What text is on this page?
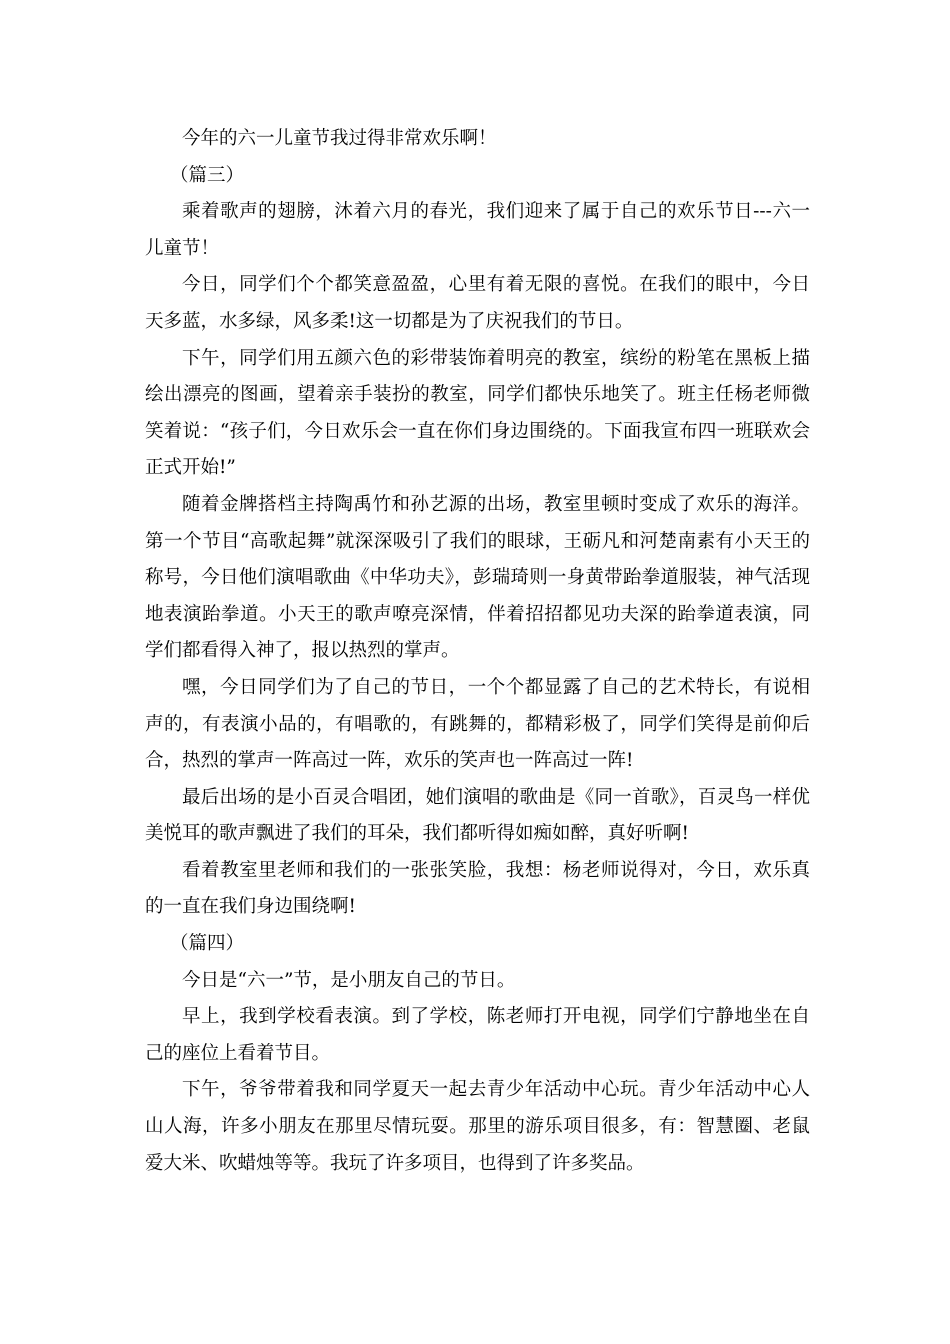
今年的六一儿童节我过得非常欢乐啊！

（篇三）

乘着歌声的翅膀，沐着六月的春光，我们迎来了属于自己的欢乐节日---六一儿童节！

今日，同学们个个都笑意盈盈，心里有着无限的喜悦。在我们的眼中，今日天多蓝，水多绿，风多柔!这一切都是为了庆祝我们的节日。

下午，同学们用五颜六色的彩带装饰着明亮的教室，缤纷的粉笔在黑板上描绘出漂亮的图画，望着亲手装扮的教室，同学们都快乐地笑了。班主任杨老师微笑着说：“孩子们，今日欢乐会一直在你们身边围绕的。下面我宣布四一班联欢会正式开始!”

随着金牌搭档主持陶禹竹和孙艺源的出场，教室里顿时变成了欢乐的海洋。第一个节目“高歌起舞”就深深吸引了我们的眼球，王砺凡和河楚南素有小天王的称号，今日他们演唱歌曲《中华功夫》，彭瑞琦则一身黄带跆拳道服装，神气活现地表演跆拳道。小天王的歌声嘹亮深情，伴着招招都见功夫深的跆拳道表演，同学们都看得入神了，报以热烈的掌声。

嘿，今日同学们为了自己的节日，一个个都显露了自己的艺术特长，有说相声的，有表演小品的，有唱歌的，有跳舞的，都精彩极了，同学们笑得是前仰后合，热烈的掌声一阵高过一阵，欢乐的笑声也一阵高过一阵!

最后出场的是小百灵合唱团，她们演唱的歌曲是《同一首歌》，百灵鸟一样优美悦耳的歌声飘进了我们的耳朵，我们都听得如痴如醉，真好听啊!

看着教室里老师和我们的一张张笑脸，我想：杨老师说得对，今日，欢乐真的一直在我们身边围绕啊!

（篇四）

今日是“六一”节，是小朋友自己的节日。

早上，我到学校看表演。到了学校，陈老师打开电视，同学们宁静地坐在自己的座位上看着节目。

下午，爷爷带着我和同学夏天一起去青少年活动中心玩。青少年活动中心人山人海，许多小朋友在那里尽情玩耍。那里的游乐项目很多，有：智慧圈、老鼠爱大米、吹蜡烛等等。我玩了许多项目，也得到了许多奖品。
